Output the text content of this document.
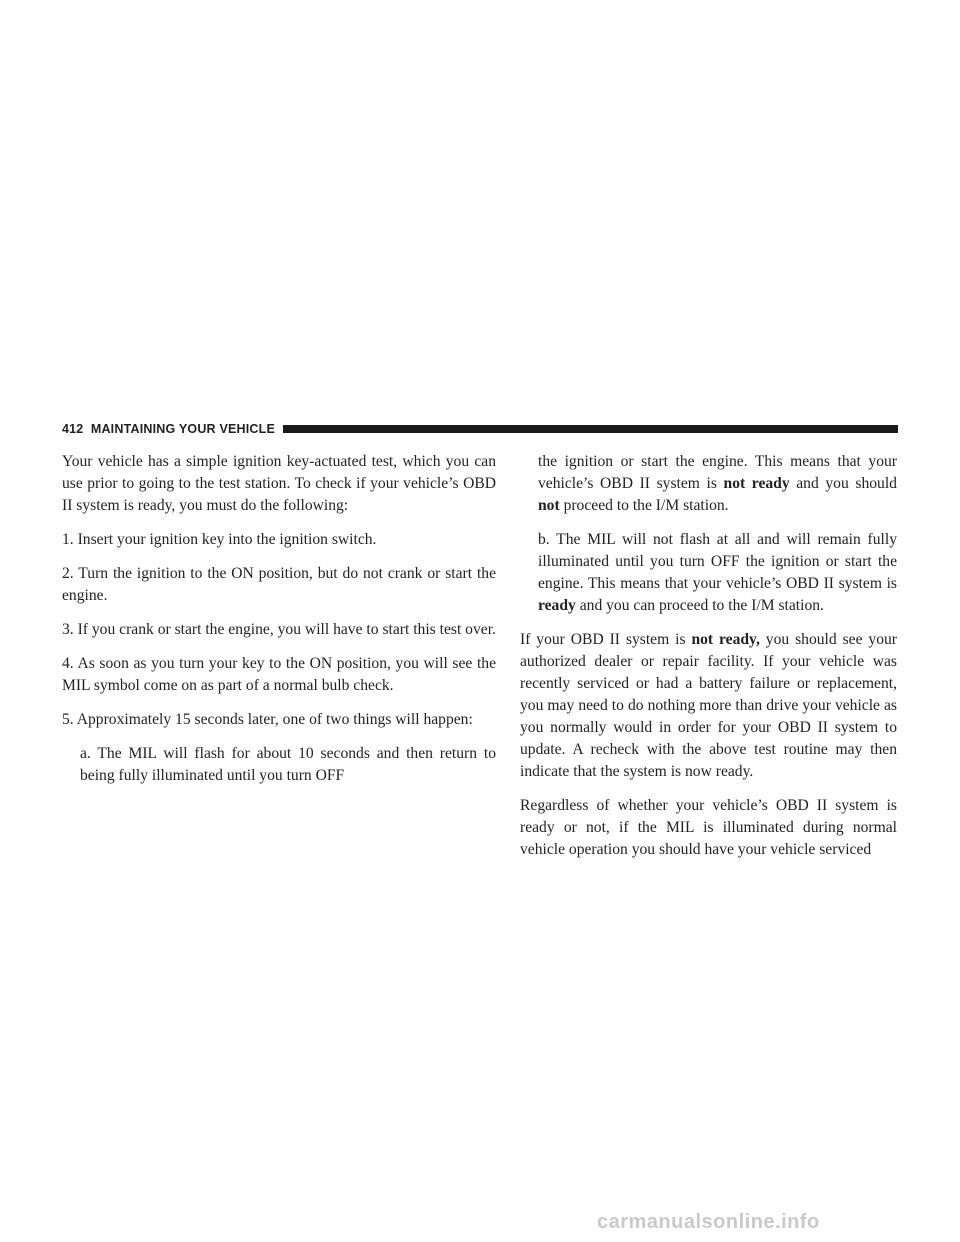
412 MAINTAINING YOUR VEHICLE

Your vehicle has a simple ignition key-actuated test, which you can use prior to going to the test station. To check if your vehicle’s OBD II system is ready, you must do the following:

1. Insert your ignition key into the ignition switch.

2. Turn the ignition to the ON position, but do not crank or start the engine.

3. If you crank or start the engine, you will have to start this test over.

4. As soon as you turn your key to the ON position, you will see the MIL symbol come on as part of a normal bulb check.

5. Approximately 15 seconds later, one of two things will happen:

a. The MIL will flash for about 10 seconds and then return to being fully illuminated until you turn OFF

the ignition or start the engine. This means that your vehicle’s OBD II system is not ready and you should not proceed to the I/M station.

b. The MIL will not flash at all and will remain fully illuminated until you turn OFF the ignition or start the engine. This means that your vehicle’s OBD II system is ready and you can proceed to the I/M station.

If your OBD II system is not ready, you should see your authorized dealer or repair facility. If your vehicle was recently serviced or had a battery failure or replacement, you may need to do nothing more than drive your vehicle as you normally would in order for your OBD II system to update. A recheck with the above test routine may then indicate that the system is now ready.

Regardless of whether your vehicle’s OBD II system is ready or not, if the MIL is illuminated during normal vehicle operation you should have your vehicle serviced

carmanualsonline.info
